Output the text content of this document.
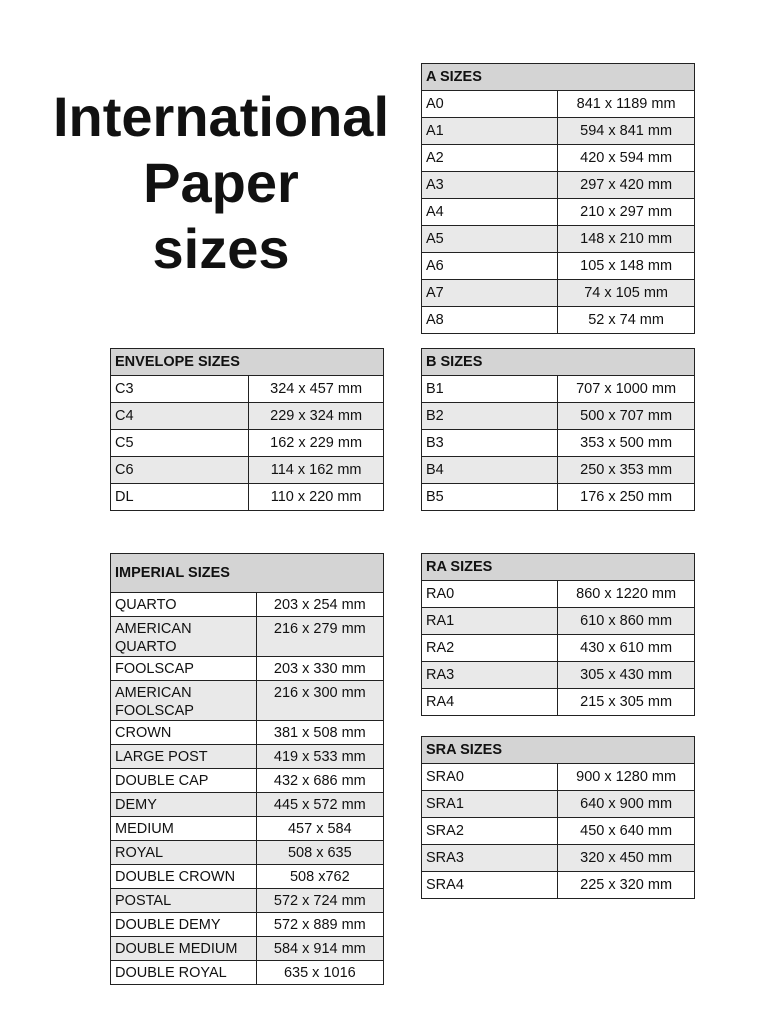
International
Paper
sizes
A SIZES	
A0	841 x 1189 mm
A1	594 x 841 mm
A2	420 x 594 mm
A3	297 x 420 mm
A4	210 x 297 mm
A5	148 x 210 mm
A6	105 x 148 mm
A7	74 x 105 mm
A8	52 x 74 mm
ENVELOPE SIZES	
C3	324 x 457 mm
C4	229 x 324 mm
C5	162 x 229 mm
C6	114 x 162 mm
DL	110 x 220 mm
B SIZES	
B1	707 x 1000 mm
B2	500 x 707 mm
B3	353 x 500 mm
B4	250 x 353 mm
B5	176 x 250 mm
IMPERIAL SIZES	
QUARTO	203 x 254 mm
AMERICAN QUARTO	216 x 279 mm
FOOLSCAP	203 x 330 mm
AMERICAN FOOLSCAP	216 x 300 mm
CROWN	381 x 508 mm
LARGE POST	419 x 533 mm
DOUBLE CAP	432 x 686 mm
DEMY	445 x 572 mm
MEDIUM	457 x 584
ROYAL	508 x 635
DOUBLE CROWN	508 x762
POSTAL	572 x 724 mm
DOUBLE DEMY	572 x 889 mm
DOUBLE MEDIUM	584 x 914 mm
DOUBLE ROYAL	635 x 1016
RA SIZES	
RA0	860 x 1220 mm
RA1	610 x 860 mm
RA2	430 x 610 mm
RA3	305 x 430 mm
RA4	215 x 305 mm
SRA SIZES	
SRA0	900 x 1280 mm
SRA1	640 x 900 mm
SRA2	450 x 640 mm
SRA3	320 x 450 mm
SRA4	225 x 320 mm
